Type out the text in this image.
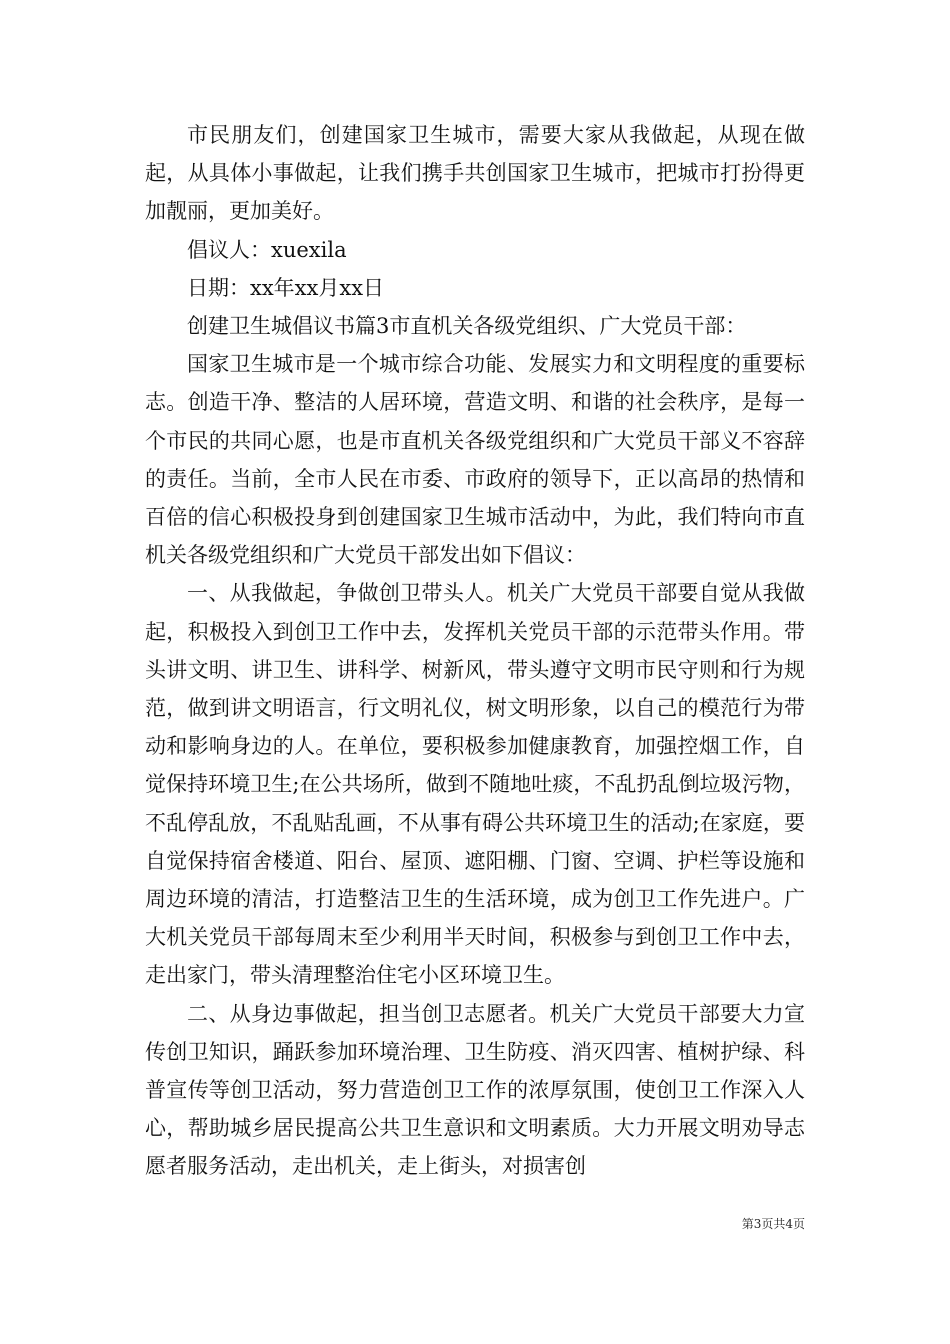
市民朋友们，创建国家卫生城市，需要大家从我做起，从现在做起，从具体小事做起，让我们携手共创国家卫生城市，把城市打扮得更加靓丽，更加美好。

倡议人：xuexila

日期：xx年xx月xx日

创建卫生城倡议书篇3市直机关各级党组织、广大党员干部：

国家卫生城市是一个城市综合功能、发展实力和文明程度的重要标志。创造干净、整洁的人居环境，营造文明、和谐的社会秩序，是每一个市民的共同心愿，也是市直机关各级党组织和广大党员干部义不容辞的责任。当前，全市人民在市委、市政府的领导下，正以高昂的热情和百倍的信心积极投身到创建国家卫生城市活动中，为此，我们特向市直机关各级党组织和广大党员干部发出如下倡议：

一、从我做起，争做创卫带头人。机关广大党员干部要自觉从我做起，积极投入到创卫工作中去，发挥机关党员干部的示范带头作用。带头讲文明、讲卫生、讲科学、树新风，带头遵守文明市民守则和行为规范，做到讲文明语言，行文明礼仪，树文明形象，以自己的模范行为带动和影响身边的人。在单位，要积极参加健康教育，加强控烟工作，自觉保持环境卫生;在公共场所，做到不随地吐痰，不乱扔乱倒垃圾污物，不乱停乱放，不乱贴乱画，不从事有碍公共环境卫生的活动;在家庭，要自觉保持宿舍楼道、阳台、屋顶、遮阳棚、门窗、空调、护栏等设施和周边环境的清洁，打造整洁卫生的生活环境，成为创卫工作先进户。广大机关党员干部每周末至少利用半天时间，积极参与到创卫工作中去，走出家门，带头清理整治住宅小区环境卫生。

二、从身边事做起，担当创卫志愿者。机关广大党员干部要大力宣传创卫知识，踊跃参加环境治理、卫生防疫、消灭四害、植树护绿、科普宣传等创卫活动，努力营造创卫工作的浓厚氛围，使创卫工作深入人心，帮助城乡居民提高公共卫生意识和文明素质。大力开展文明劝导志愿者服务活动，走出机关，走上街头，对损害创

第3页共4页
